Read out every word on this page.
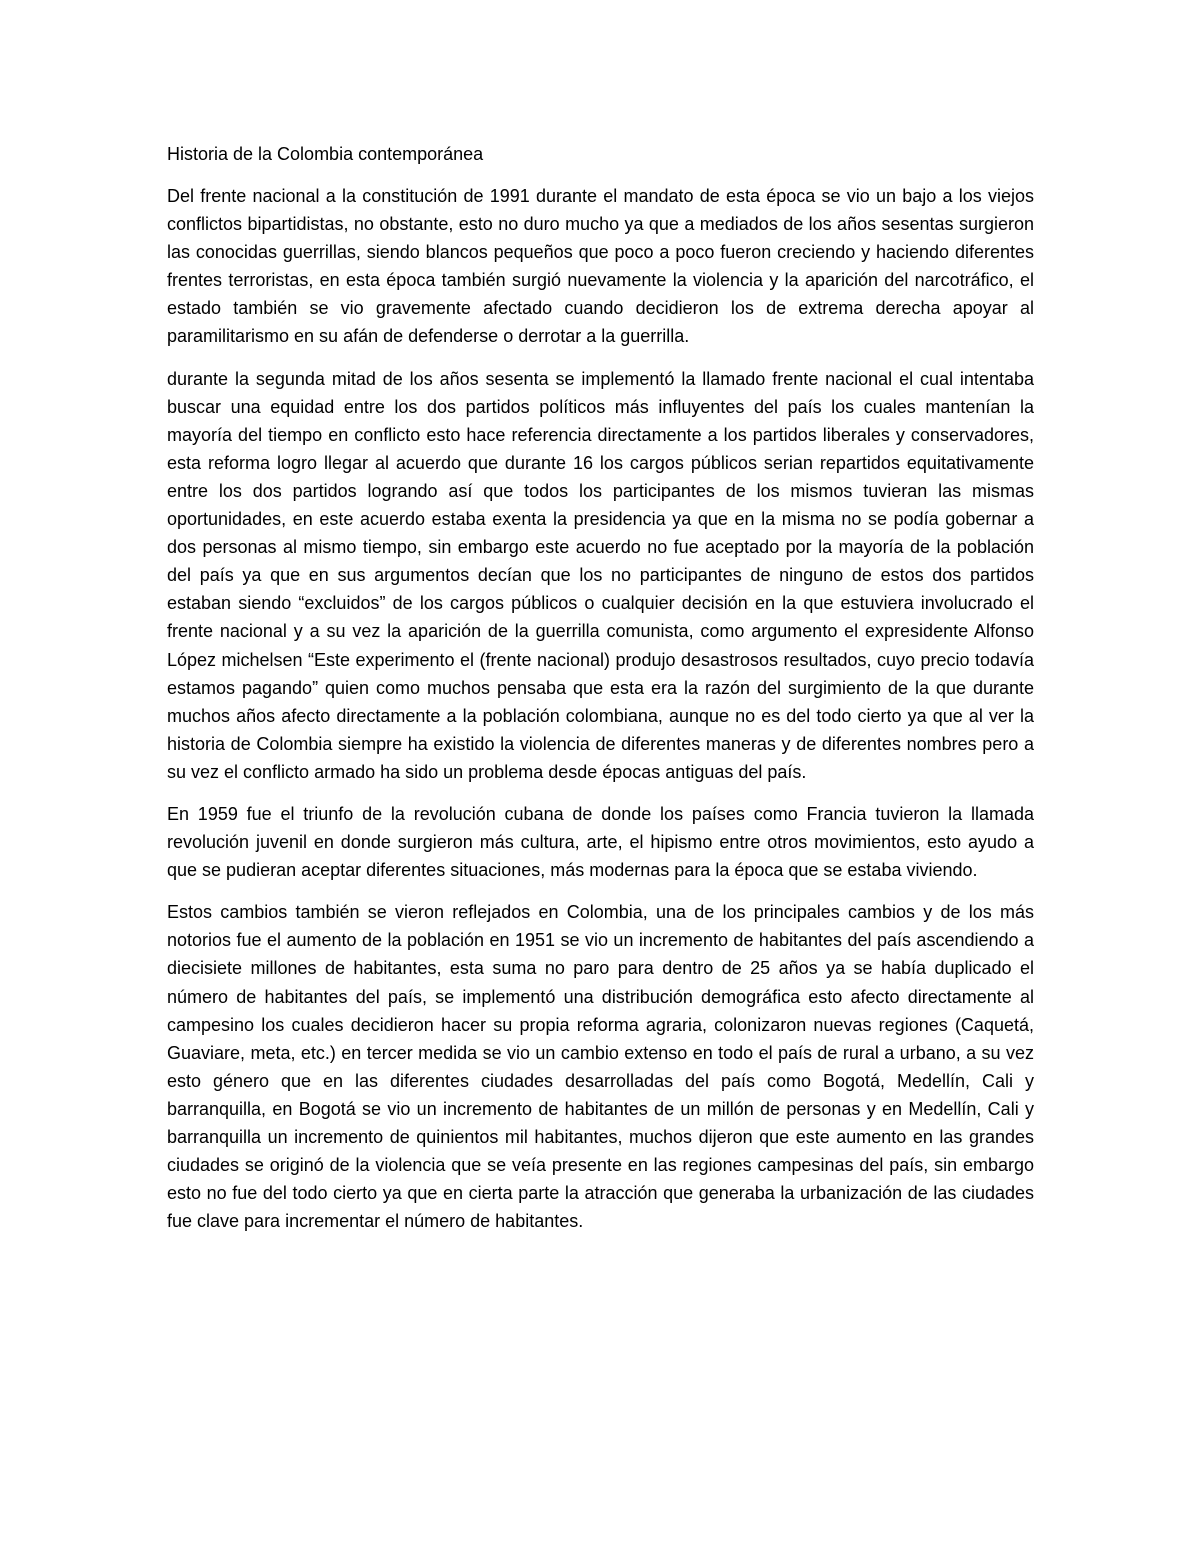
Historia de la Colombia contemporánea

Del frente nacional a la constitución de 1991 durante el mandato de esta época se vio un bajo a los viejos conflictos bipartidistas, no obstante, esto no duro mucho ya que a mediados de los años sesentas surgieron las conocidas guerrillas, siendo blancos pequeños que poco a poco fueron creciendo y haciendo diferentes frentes terroristas, en esta época también surgió nuevamente la violencia y la aparición del narcotráfico, el estado también se vio gravemente afectado cuando decidieron los de extrema derecha apoyar al paramilitarismo en su afán de defenderse o derrotar a la guerrilla.

durante la segunda mitad de los años sesenta se implementó la llamado frente nacional el cual intentaba buscar una equidad entre los dos partidos políticos más influyentes del país los cuales mantenían la mayoría del tiempo en conflicto esto hace referencia directamente a los partidos liberales y conservadores, esta reforma logro llegar al acuerdo que durante 16 los cargos públicos serian repartidos equitativamente entre los dos partidos logrando así que todos los participantes de los mismos tuvieran las mismas oportunidades, en este acuerdo estaba exenta la presidencia ya que en la misma no se podía gobernar a dos personas al mismo tiempo, sin embargo este acuerdo no fue aceptado por la mayoría de la población del país ya que en sus argumentos decían que los no participantes de ninguno de estos dos partidos estaban siendo “excluidos” de los cargos públicos o cualquier decisión en la que estuviera involucrado el frente nacional y a su vez la aparición de la guerrilla comunista, como argumento el expresidente Alfonso López michelsen “Este experimento el (frente nacional) produjo desastrosos resultados, cuyo precio todavía estamos pagando” quien como muchos pensaba que esta era la razón del surgimiento de la que durante muchos años afecto directamente a la población colombiana, aunque no es del todo cierto ya que al ver la historia de Colombia siempre ha existido la violencia de diferentes maneras y de diferentes nombres pero a su vez el conflicto armado ha sido un problema desde épocas antiguas del país.

En 1959 fue el triunfo de la revolución cubana de donde los países como Francia tuvieron la llamada revolución juvenil en donde surgieron más cultura, arte, el hipismo entre otros movimientos, esto ayudo a que se pudieran aceptar diferentes situaciones, más modernas para la época que se estaba viviendo.

Estos cambios también se vieron reflejados en Colombia, una de los principales cambios y de los más notorios fue el aumento de la población en 1951 se vio un incremento de habitantes del país ascendiendo a diecisiete millones de habitantes, esta suma no paro para dentro de 25 años ya se había duplicado el número de habitantes del país, se implementó una distribución demográfica esto afecto directamente al campesino los cuales decidieron hacer su propia reforma agraria, colonizaron nuevas regiones (Caquetá, Guaviare, meta, etc.) en tercer medida se vio un cambio extenso en todo el país de rural a urbano, a su vez esto género que en las diferentes ciudades desarrolladas del país como Bogotá, Medellín, Cali y barranquilla, en Bogotá se vio un incremento de habitantes de un millón de personas y en Medellín, Cali y barranquilla un incremento de quinientos mil habitantes, muchos dijeron que este aumento en las grandes ciudades se originó de la violencia que se veía presente en las regiones campesinas del país, sin embargo esto no fue del todo cierto ya que en cierta parte la atracción que generaba la urbanización de las ciudades fue clave para incrementar el número de habitantes.
